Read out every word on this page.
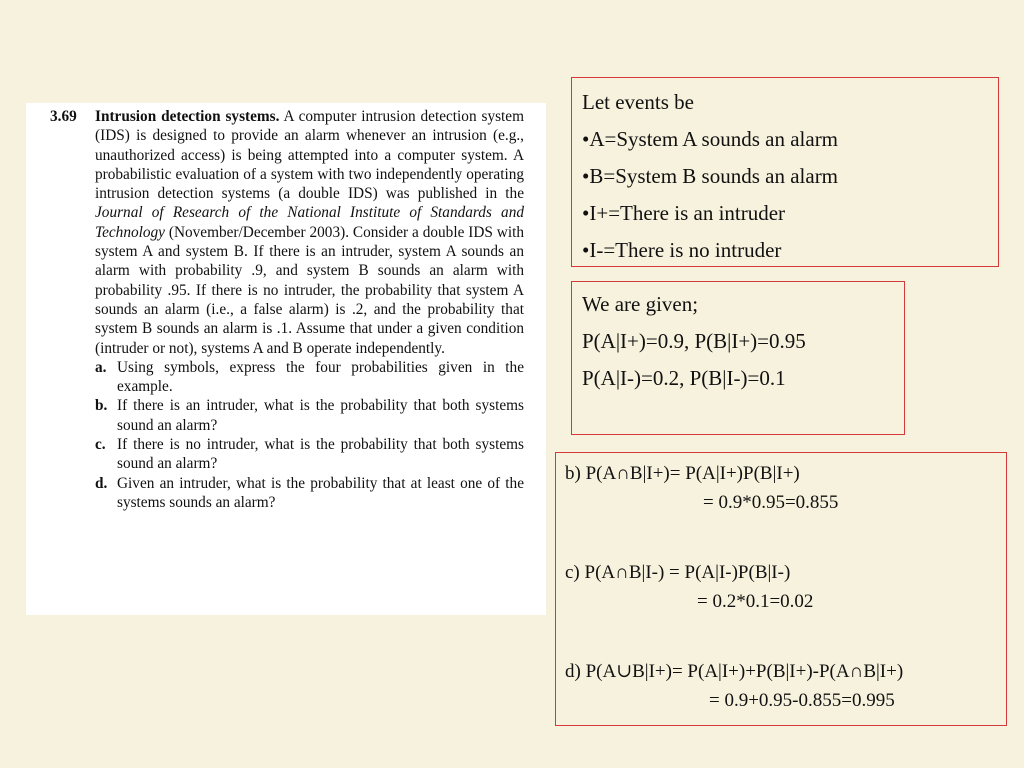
3.69	Intrusion detection systems. A computer intrusion detection system (IDS) is designed to provide an alarm whenever an intrusion (e.g., unauthorized access) is being attempted into a computer system. A probabilistic evaluation of a system with two independently operating intrusion detection systems (a double IDS) was published in the Journal of Research of the National Institute of Standards and Technology (November/December 2003). Consider a double IDS with system A and system B. If there is an intruder, system A sounds an alarm with probability .9, and system B sounds an alarm with probability .95. If there is no intruder, the probability that system A sounds an alarm (i.e., a false alarm) is .2, and the probability that system B sounds an alarm is .1. Assume that under a given condition (intruder or not), systems A and B operate independently.
a. Using symbols, express the four probabilities given in the example.
b. If there is an intruder, what is the probability that both systems sound an alarm?
c. If there is no intruder, what is the probability that both systems sound an alarm?
d. Given an intruder, what is the probability that at least one of the systems sounds an alarm?
Let events be
•A=System A sounds an alarm
•B=System B sounds an alarm
•I+=There is an intruder
•I-=There is no intruder
We are given;
P(A|I+)=0.9, P(B|I+)=0.95
P(A|I-)=0.2, P(B|I-)=0.1
b) P(A∩B|I+)= P(A|I+)P(B|I+)
= 0.9*0.95=0.855
c) P(A∩B|I-) = P(A|I-)P(B|I-)
= 0.2*0.1=0.02
d) P(A∪B|I+)= P(A|I+)+P(B|I+)-P(A∩B|I+)
= 0.9+0.95-0.855=0.995
